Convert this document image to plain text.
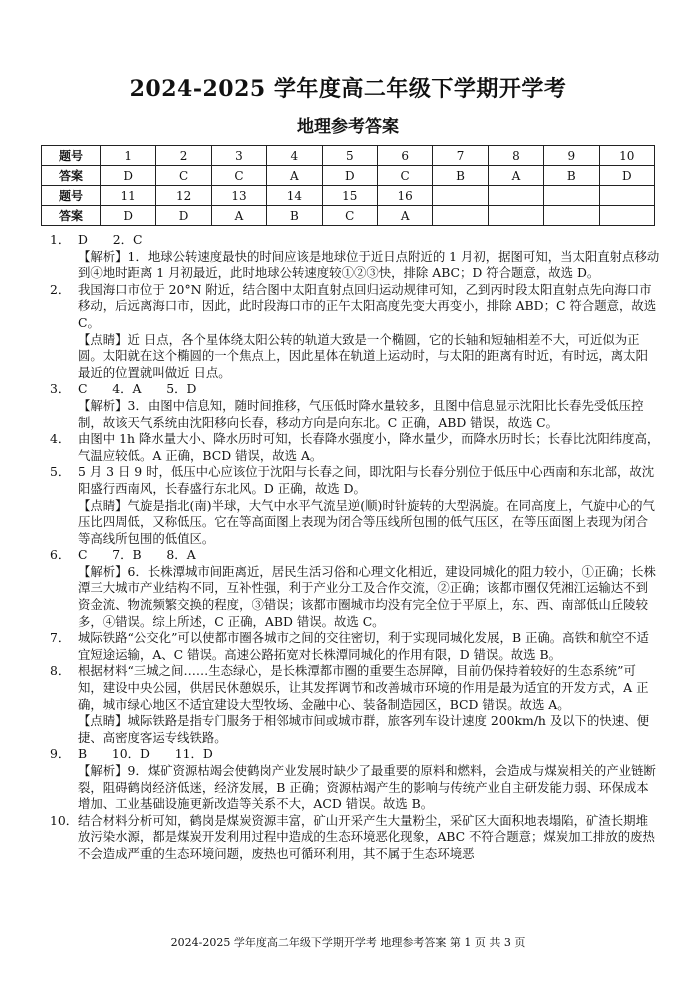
2024-2025 学年度高二年级下学期开学考
地理参考答案
题号	1	2	3	4	5	6	7	8	9	10
答案	D	C	C	A	D	C	B	A	B	D
题号	11	12	13	14	15	16				
答案	D	D	A	B	C	A				
1． D　　2．C
【解析】1．地球公转速度最快的时间应该是地球位于近日点附近的 1 月初，据图可知，当太阳直射点移动到④地时距离 1 月初最近，此时地球公转速度较①②③快，排除 ABC；D 符合题意，故选 D。
2． 我国海口市位于 20°N 附近，结合图中太阳直射点回归运动规律可知，乙到丙时段太阳直射点先向海口市移动，后远离海口市，因此，此时段海口市的正午太阳高度先变大再变小，排除 ABD；C 符合题意，故选 C。
【点睛】近 日点，各个星体绕太阳公转的轨道大致是一个椭圆，它的长轴和短轴相差不大，可近似为正圆。太阳就在这个椭圆的一个焦点上，因此星体在轨道上运动时，与太阳的距离有时近，有时远，离太阳最近的位置就叫做近 日点。
3． C　　4．A　　5．D
【解析】3．由图中信息知，随时间推移，气压低时降水量较多，且图中信息显示沈阳比长春先受低压控制，故该天气系统由沈阳移向长春，移动方向是向东北。C 正确，ABD 错误，故选 C。
4． 由图中 1h 降水量大小、降水历时可知，长春降水强度小，降水量少，而降水历时长；长春比沈阳纬度高，气温应较低。A 正确，BCD 错误，故选 A。
5． 5 月 3 日 9 时，低压中心应该位于沈阳与长春之间，即沈阳与长春分别位于低压中心西南和东北部，故沈阳盛行西南风，长春盛行东北风。D 正确，故选 D。
【点睛】气旋是指北(南)半球，大气中水平气流呈逆(顺)时针旋转的大型涡旋。在同高度上，气旋中心的气压比四周低，又称低压。它在等高面图上表现为闭合等压线所包围的低气压区，在等压面图上表现为闭合等高线所包围的低值区。
6． C　　7．B　　8．A
【解析】6．长株潭城市间距离近，居民生活习俗和心理文化相近，建设同城化的阻力较小，①正确；长株潭三大城市产业结构不同，互补性强，利于产业分工及合作交流，②正确；该都市圈仅凭湘江运输达不到资金流、物流频繁交换的程度，③错误；该都市圈城市均没有完全位于平原上，东、西、南部低山丘陵较多，④错误。综上所述，C 正确，ABD 错误。故选 C。
7． 城际铁路“公交化”可以使都市圈各城市之间的交往密切，利于实现同城化发展，B 正确。高铁和航空不适宜短途运输，A、C 错误。高速公路拓宽对长株潭同城化的作用有限，D 错误。故选 B。
8． 根据材料“三城之间……生态绿心，是长株潭都市圈的重要生态屏障，目前仍保持着较好的生态系统”可知，建设中央公园，供居民休憩娱乐，让其发挥调节和改善城市环境的作用是最为适宜的开发方式，A 正确，城市绿心地区不适宜建设大型牧场、金融中心、装备制造园区，BCD 错误。故选 A。
【点睛】城际铁路是指专门服务于相邻城市间或城市群，旅客列车设计速度 200km/h 及以下的快速、便捷、高密度客运专线铁路。
9． B　　10．D　　11．D
【解析】9．煤矿资源枯竭会使鹤岗产业发展时缺少了最重要的原料和燃料，会造成与煤炭相关的产业链断裂，阻碍鹤岗经济低迷，经济发展，B 正确；资源枯竭产生的影响与传统产业自主研发能力弱、环保成本增加、工业基础设施更新改造等关系不大，ACD 错误。故选 B。
10． 结合材料分析可知，鹤岗是煤炭资源丰富，矿山开采产生大量粉尘，采矿区大面积地表塌陷，矿渣长期堆放污染水源，都是煤炭开发利用过程中造成的生态环境恶化现象，ABC 不符合题意；煤炭加工排放的废热不会造成严重的生态环境问题，废热也可循环利用，其不属于生态环境恶
2024-2025 学年度高二年级下学期开学考 地理参考答案 第 1 页 共 3 页
